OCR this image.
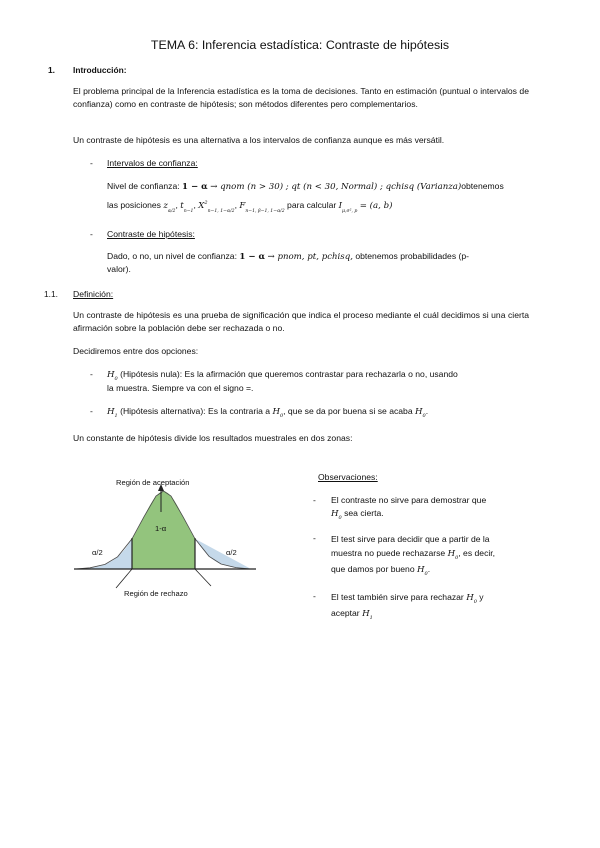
TEMA 6: Inferencia estadística: Contraste de hipótesis
1. Introducción:
El problema principal de la Inferencia estadística es la toma de decisiones. Tanto en estimación (puntual o intervalos de confianza) como en contraste de hipótesis; son métodos diferentes pero complementarios.
Un contraste de hipótesis es una alternativa a los intervalos de confianza aunque es más versátil.
- Intervalos de confianza:
Nivel de confianza: 1 − α → qnom (n > 30) ; qt (n < 30, Normal) ; qchisq (Varianza)obtenemos
las posiciones $z_{\alpha/2}$, $t_{n-1}$, $X^2_{n-1, 1-\alpha/2}$, $F_{n-1, \beta-1, 1-\alpha/2}$ para calcular $I_{\mu,\sigma^2, p} = (a$, b)
- Contraste de hipótesis:
Dado, o no, un nivel de confianza: 1 − α → pnom, pt, pchisq, obtenemos probabilidades (p-
valor).
1.1. Definición:
Un contraste de hipótesis es una prueba de significación que indica el proceso mediante el cuál decidimos si una cierta afirmación sobre la población debe ser rechazada o no.
Decidiremos entre dos opciones:
- $H_0$ (Hipótesis nula): Es la afirmación que queremos contrastar para rechazarla o no, usando
la muestra. Siempre va con el signo =.
- $H_1$ (Hipótesis alternativa): Es la contraria a $H_0$, que se da por buena si se acaba $H_0$.
Un constante de hipótesis divide los resultados muestrales en dos zonas:
Región de aceptación
1-α
α/2	α/2
Región de rechazo
Observaciones:
- El contraste no sirve para demostrar que
$H_0$ sea cierta.
- El test sirve para decidir que a partir de la
muestra no puede rechazarse $H_0$, es decir,
que damos por bueno $H_0$.
- El test también sirve para rechazar $H_0$ y
aceptar $H_1$
